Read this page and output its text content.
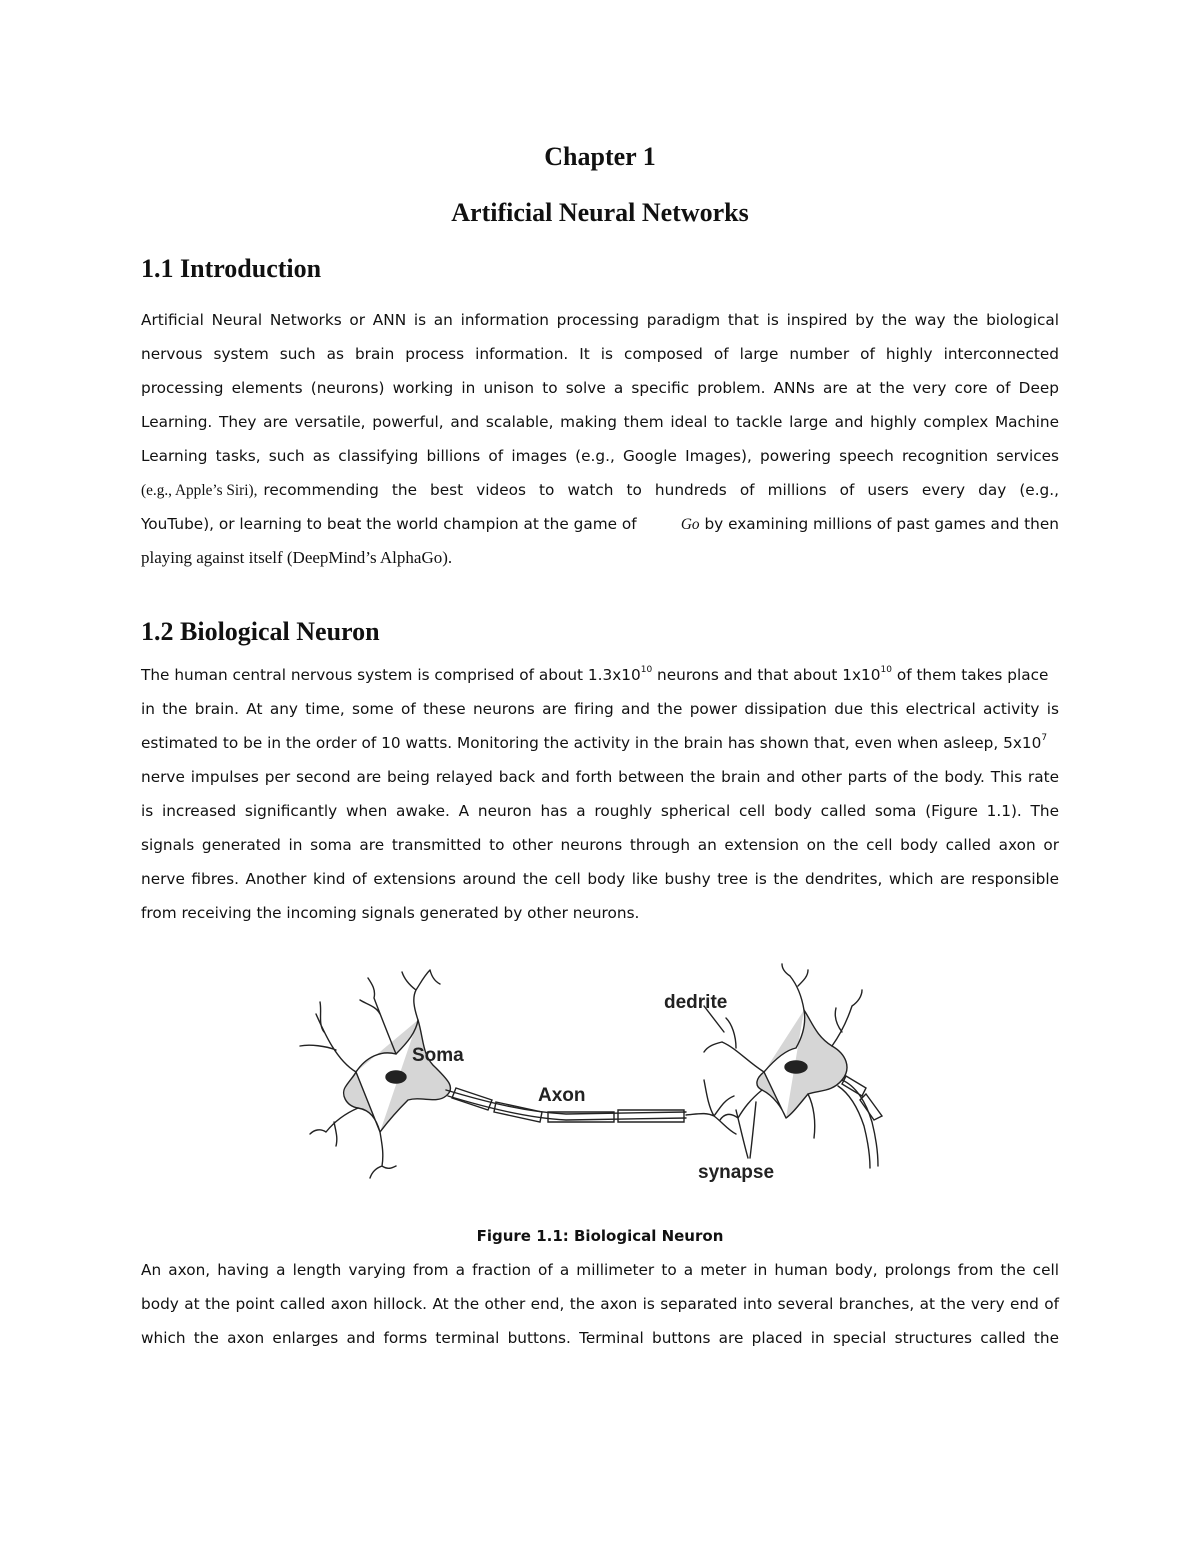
Chapter 1
Artificial Neural Networks
1.1 Introduction
Artificial Neural Networks or ANN is an information processing paradigm that is inspired by the way the biological
nervous system such as brain process information. It is composed of large number of highly interconnected
processing elements (neurons) working in unison to solve a specific problem. ANNs are at the very core of Deep
Learning. They are versatile, powerful, and scalable, making them ideal to tackle large and highly complex Machine
Learning tasks, such as classifying billions of images (e.g., Google Images), powering speech recognition services
(e.g., Apple’s Siri), recommending the best videos to watch to hundreds of millions of users every day (e.g.,
YouTube), or learning to beat the world champion at the game of	Go by examining millions of past games and then
playing against itself (DeepMind’s AlphaGo).
1.2 Biological Neuron
The human central nervous system is comprised of about $1.3x10^{10}$ neurons and that about $1x10^{10}$ of them takes place
in the brain. At any time, some of these neurons are firing and the power dissipation due this electrical activity is
estimated to be in the order of 10 watts. Monitoring the activity in the brain has shown that, even when asleep, $5x10^7$
nerve impulses per second are being relayed back and forth between the brain and other parts of the body. This rate
is increased significantly when awake. A neuron has a roughly spherical cell body called soma (Figure 1.1). The
signals generated in soma are transmitted to other neurons through an extension on the cell body called axon or
nerve fibres. Another kind of extensions around the cell body like bushy tree is the dendrites, which are responsible
from receiving the incoming signals generated by other neurons.
Soma
Axon
dedrite
synapse
Figure 1.1: Biological Neuron
An axon, having a length varying from a fraction of a millimeter to a meter in human body, prolongs from the cell
body at the point called axon hillock. At the other end, the axon is separated into several branches, at the very end of
which the axon enlarges and forms terminal buttons. Terminal buttons are placed in special structures called the
